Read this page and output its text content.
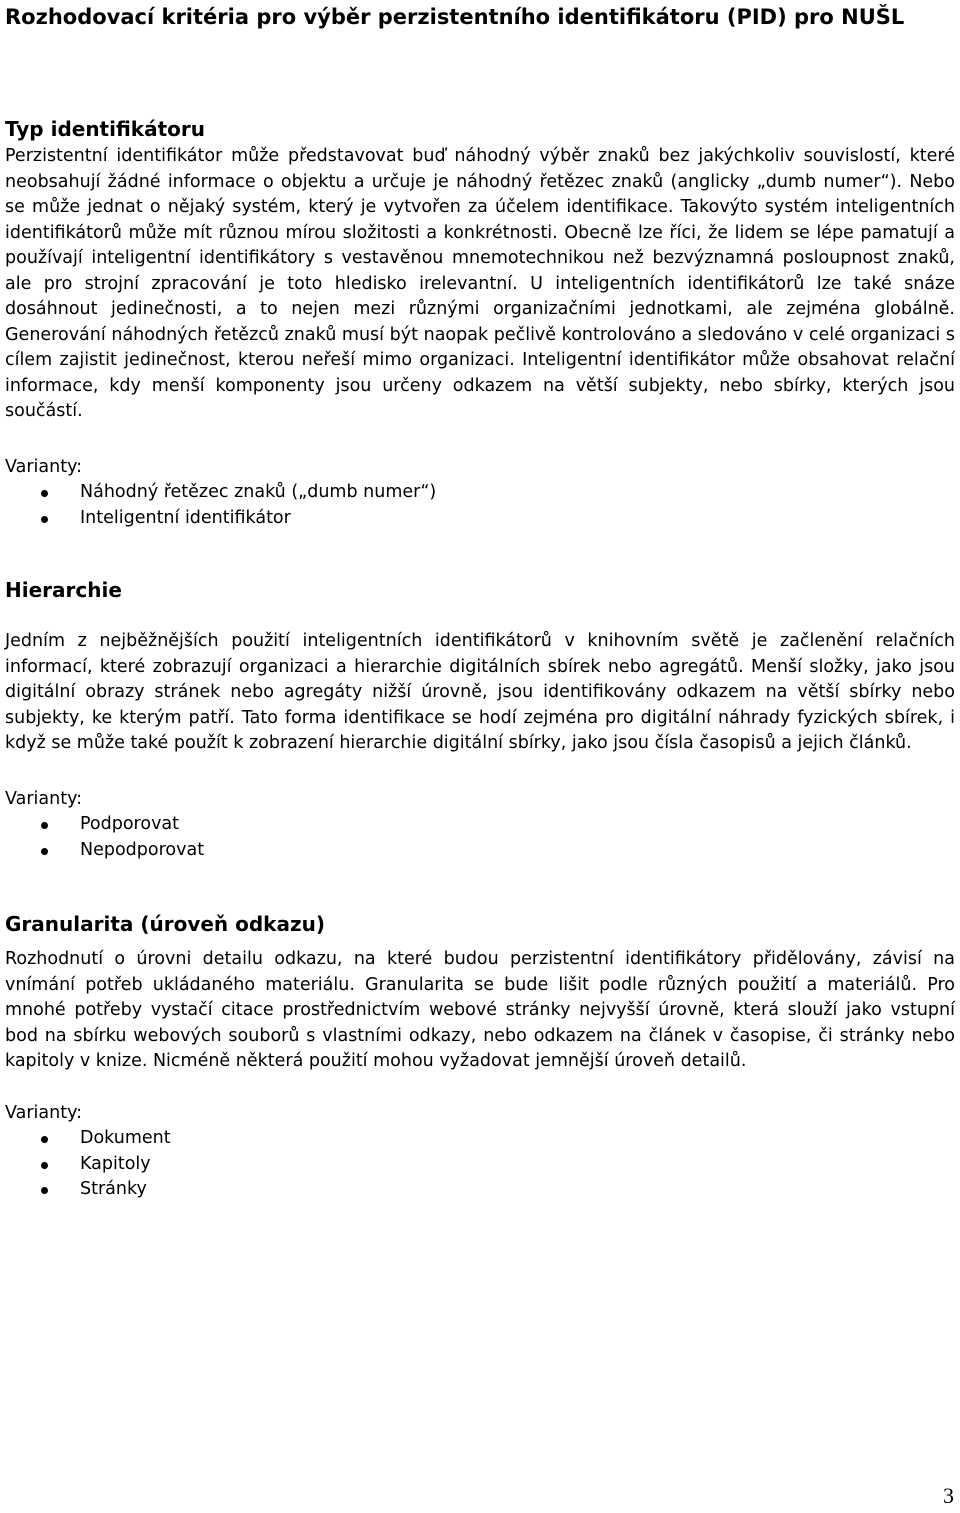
Rozhodovací kritéria pro výběr perzistentního identifikátoru (PID) pro NUŠL
Typ identifikátoru

Perzistentní identifikátor může představovat buď náhodný výběr znaků bez jakýchkoliv souvislostí, které neobsahují žádné informace o objektu a určuje je náhodný řetězec znaků (anglicky „dumb numer“). Nebo se může jednat o nějaký systém, který je vytvořen za účelem identifikace. Takovýto systém inteligentních identifikátorů může mít různou mírou složitosti a konkrétnosti. Obecně lze říci, že lidem se lépe pamatují a používají inteligentní identifikátory s vestavěnou mnemotechnikou než bezvýznamná posloupnost znaků, ale pro strojní zpracování je toto hledisko irelevantní. U inteligentních identifikátorů lze také snáze dosáhnout jedinečnosti, a to nejen mezi různými organizačními jednotkami, ale zejména globálně. Generování náhodných řetězců znaků musí být naopak pečlivě kontrolováno a sledováno v celé organizaci s cílem zajistit jedinečnost, kterou neřeší mimo organizaci. Inteligentní identifikátor může obsahovat relační informace, kdy menší komponenty jsou určeny odkazem na větší subjekty, nebo sbírky, kterých jsou součástí.

Varianty:
Náhodný řetězec znaků („dumb numer“)
Inteligentní identifikátor
Hierarchie

Jedním z nejběžnějších použití inteligentních identifikátorů v knihovním světě je začlenění relačních informací, které zobrazují organizaci a hierarchie digitálních sbírek nebo agregátů. Menší složky, jako jsou digitální obrazy stránek nebo agregáty nižší úrovně, jsou identifikovány odkazem na větší sbírky nebo subjekty, ke kterým patří. Tato forma identifikace se hodí zejména pro digitální náhrady fyzických sbírek, i když se může také použít k zobrazení hierarchie digitální sbírky, jako jsou čísla časopisů a jejich článků.

Varianty:
Podporovat
Nepodporovat
Granularita (úroveň odkazu)

Rozhodnutí o úrovni detailu odkazu, na které budou perzistentní identifikátory přidělovány, závisí na vnímání potřeb ukládaného materiálu. Granularita se bude lišit podle různých použití a materiálů. Pro mnohé potřeby vystačí citace prostřednictvím webové stránky nejvyšší úrovně, která slouží jako vstupní bod na sbírku webových souborů s vlastními odkazy, nebo odkazem na článek v časopise, či stránky nebo kapitoly v knize. Nicméně některá použití mohou vyžadovat jemnější úroveň detailů.

Varianty:
Dokument
Kapitoly
Stránky
3
